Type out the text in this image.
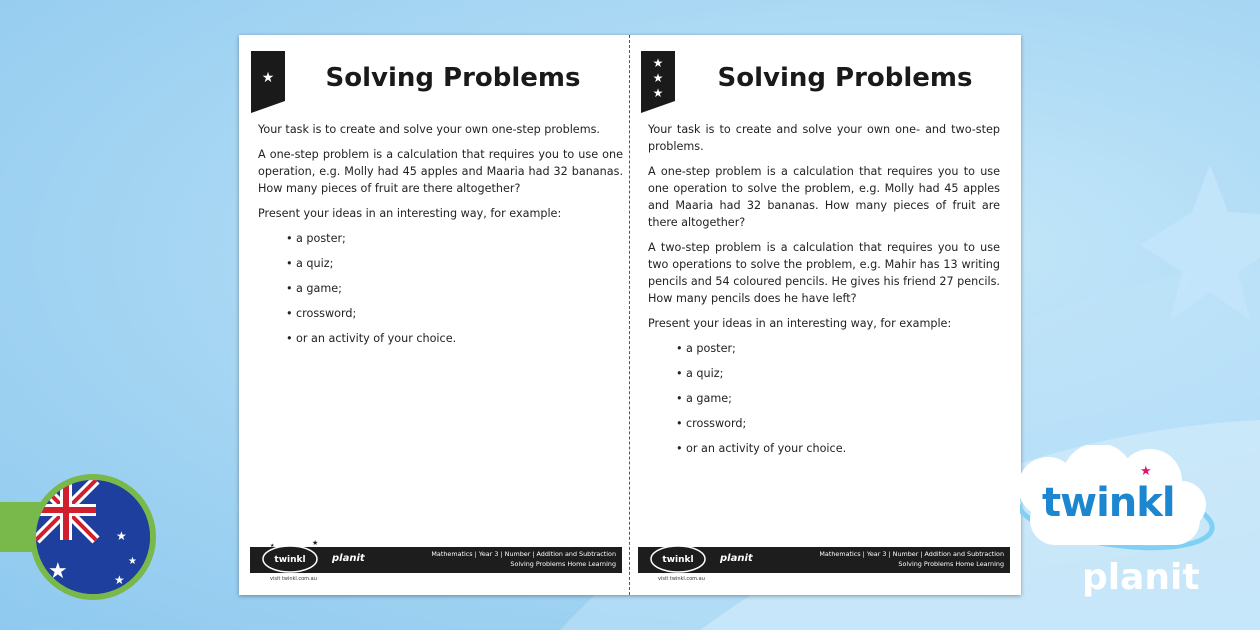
★
★
★
★
★	Solving Problems

Your task is to create and solve your own one-step problems.

A one-step problem is a calculation that requires you to use one operation, e.g. Molly had 45 apples and Maaria had 32 bananas. How many pieces of fruit are there altogether?

Present your ideas in an interesting way, for example:

• a poster;
• a quiz;
• a game;
• crossword;
• or an activity of your choice.
twinkl
★
★
planit	Mathematics | Year 3 | Number | Addition and Subtraction
Solving Problems Home Learning
visit twinkl.com.au
★
★
★	Solving Problems

Your task is to create and solve your own one- and two-step problems.

A one-step problem is a calculation that requires you to use one operation to solve the problem, e.g. Molly had 45 apples and Maaria had 32 bananas. How many pieces of fruit are there altogether?

A two-step problem is a calculation that requires you to use two operations to solve the problem, e.g. Mahir has 13 writing pencils and 54 coloured pencils. He gives his friend 27 pencils. How many pencils does he have left?

Present your ideas in an interesting way, for example:

• a poster;
• a quiz;
• a game;
• crossword;
• or an activity of your choice.
twinkl	planit	Mathematics | Year 3 | Number | Addition and Subtraction
Solving Problems Home Learning
visit twinkl.com.au
★
twinkl
planit
